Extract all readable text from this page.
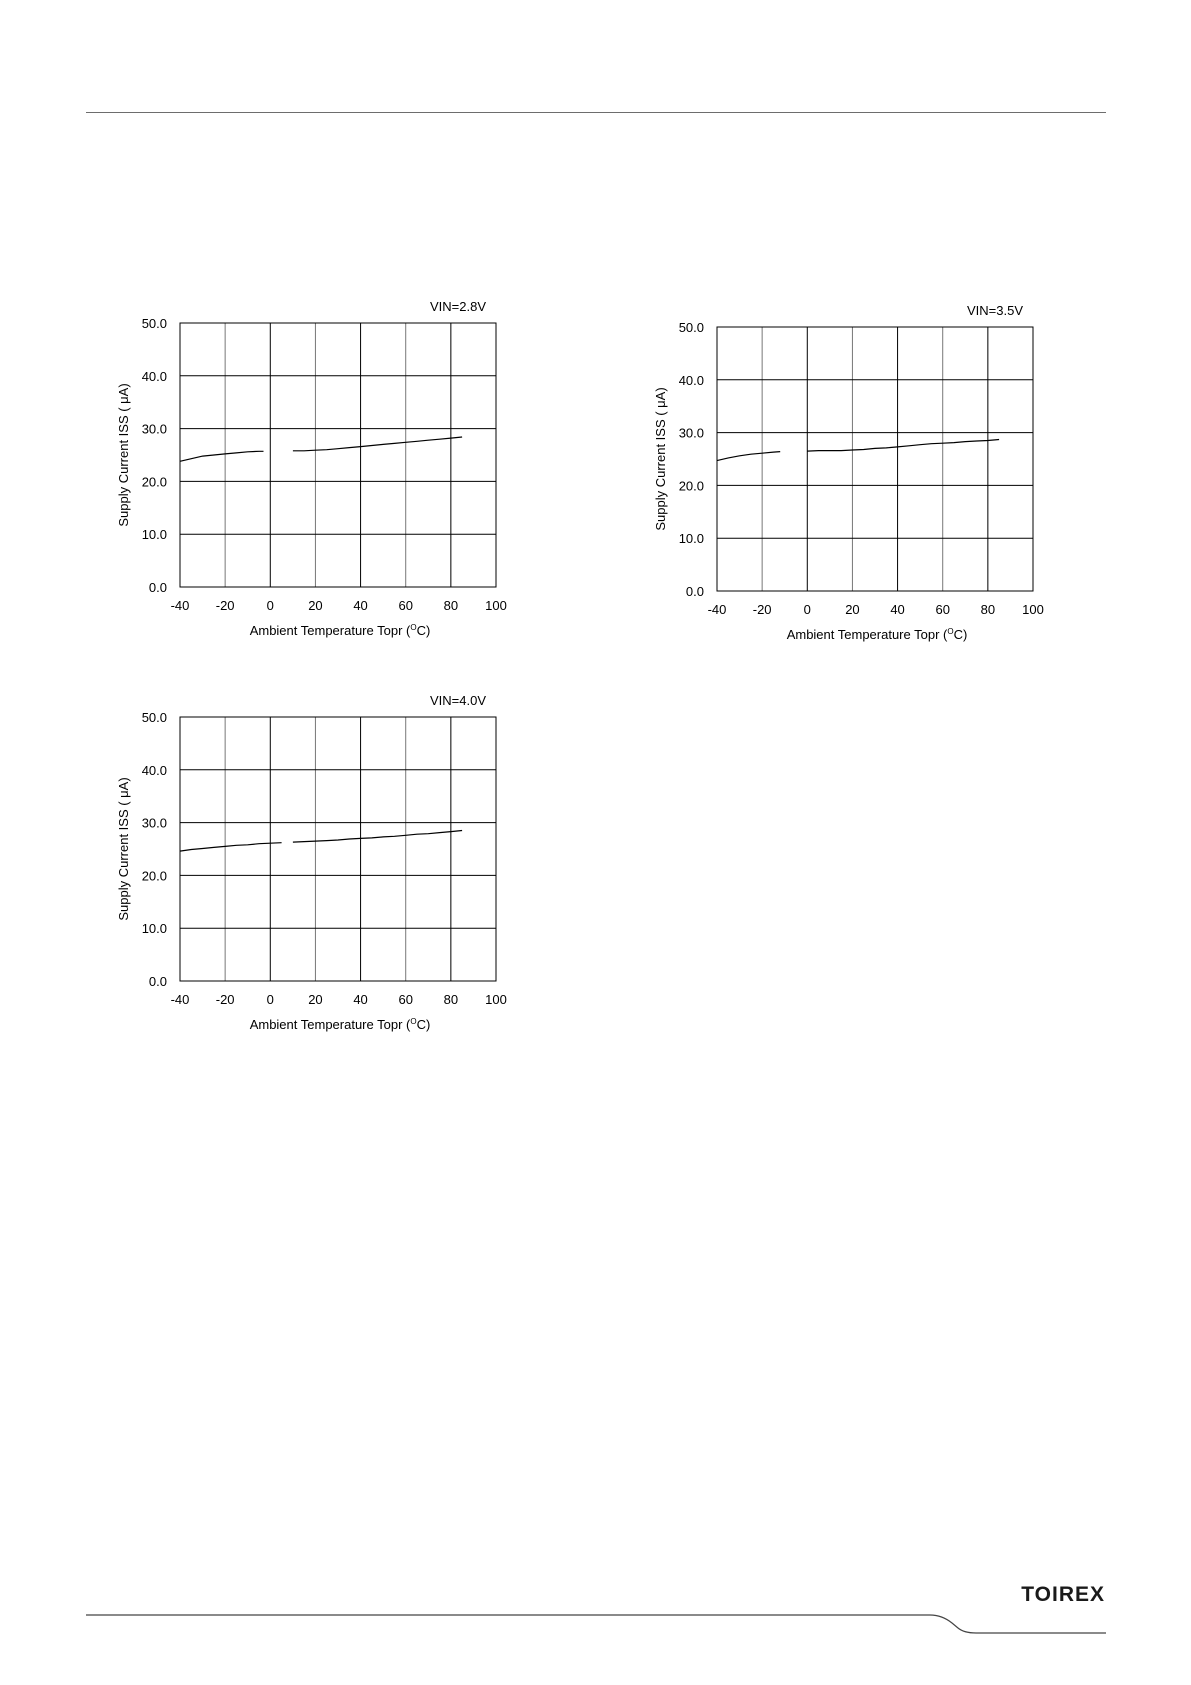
-40 -20 0	20 40 60 80 100
0.0
10.0
20.0
30.0
40.0
50.0
VIN=2.8V
Ambient Temperature Topr ($^O$C)
Supply Current ISS ( μA)
-40 -20 0	20 40 60 80 100
0.0
10.0
20.0
30.0
40.0
50.0
VIN=3.5V
Ambient Temperature Topr ($^O$C)
Supply Current ISS ( μA)
-40 -20 0	20 40 60 80 100
0.0
10.0
20.0
30.0
40.0
50.0
VIN=4.0V
Ambient Temperature Topr ($^O$C)
Supply Current ISS ( μA)
TOIREX
